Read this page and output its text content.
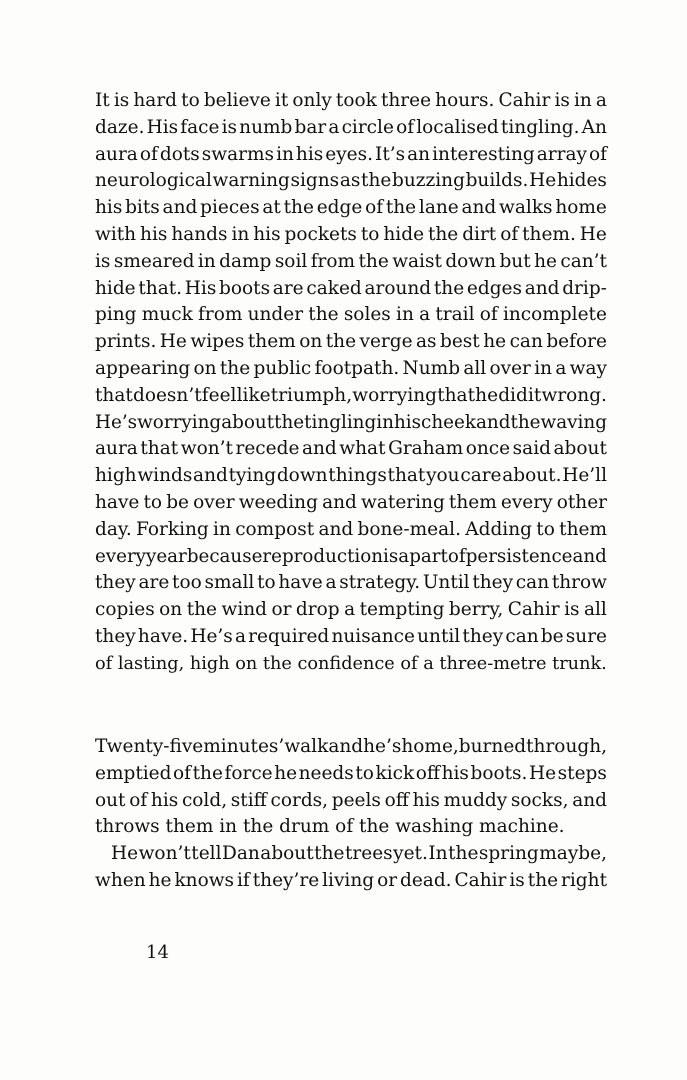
It is hard to believe it only took three hours. Cahir is in a
daze. His face is numb bar a circle of localised tingling. An
aura of dots swarms in his eyes. It’s an interesting array of
neurological warning signs as the buzzing builds. He hides
his bits and pieces at the edge of the lane and walks home
with his hands in his pockets to hide the dirt of them. He
is smeared in damp soil from the waist down but he can’t
hide that. His boots are caked around the edges and drip-
ping muck from under the soles in a trail of incomplete
prints. He wipes them on the verge as best he can before
appearing on the public footpath. Numb all over in a way
that doesn’t feel like triumph, worrying that he did it wrong.
He’s worrying about the tingling in his cheek and the waving
aura that won’t recede and what Graham once said about
high winds and tying down things that you care about. He’ll
have to be over weeding and watering them every other
day. Forking in compost and bone-meal. Adding to them
every year because reproduction is a part of persistence and
they are too small to have a strategy. Until they can throw
copies on the wind or drop a tempting berry, Cahir is all
they have. He’s a required nuisance until they can be sure
of lasting, high on the confidence of a three-metre trunk.
Twenty-five minutes’ walk and he’s home, burned through,
emptied of the force he needs to kick off his boots. He steps
out of his cold, stiff cords, peels off his muddy socks, and
throws them in the drum of the washing machine.
He won’t tell Dan about the trees yet. In the spring maybe,
when he knows if they’re living or dead. Cahir is the right
14
